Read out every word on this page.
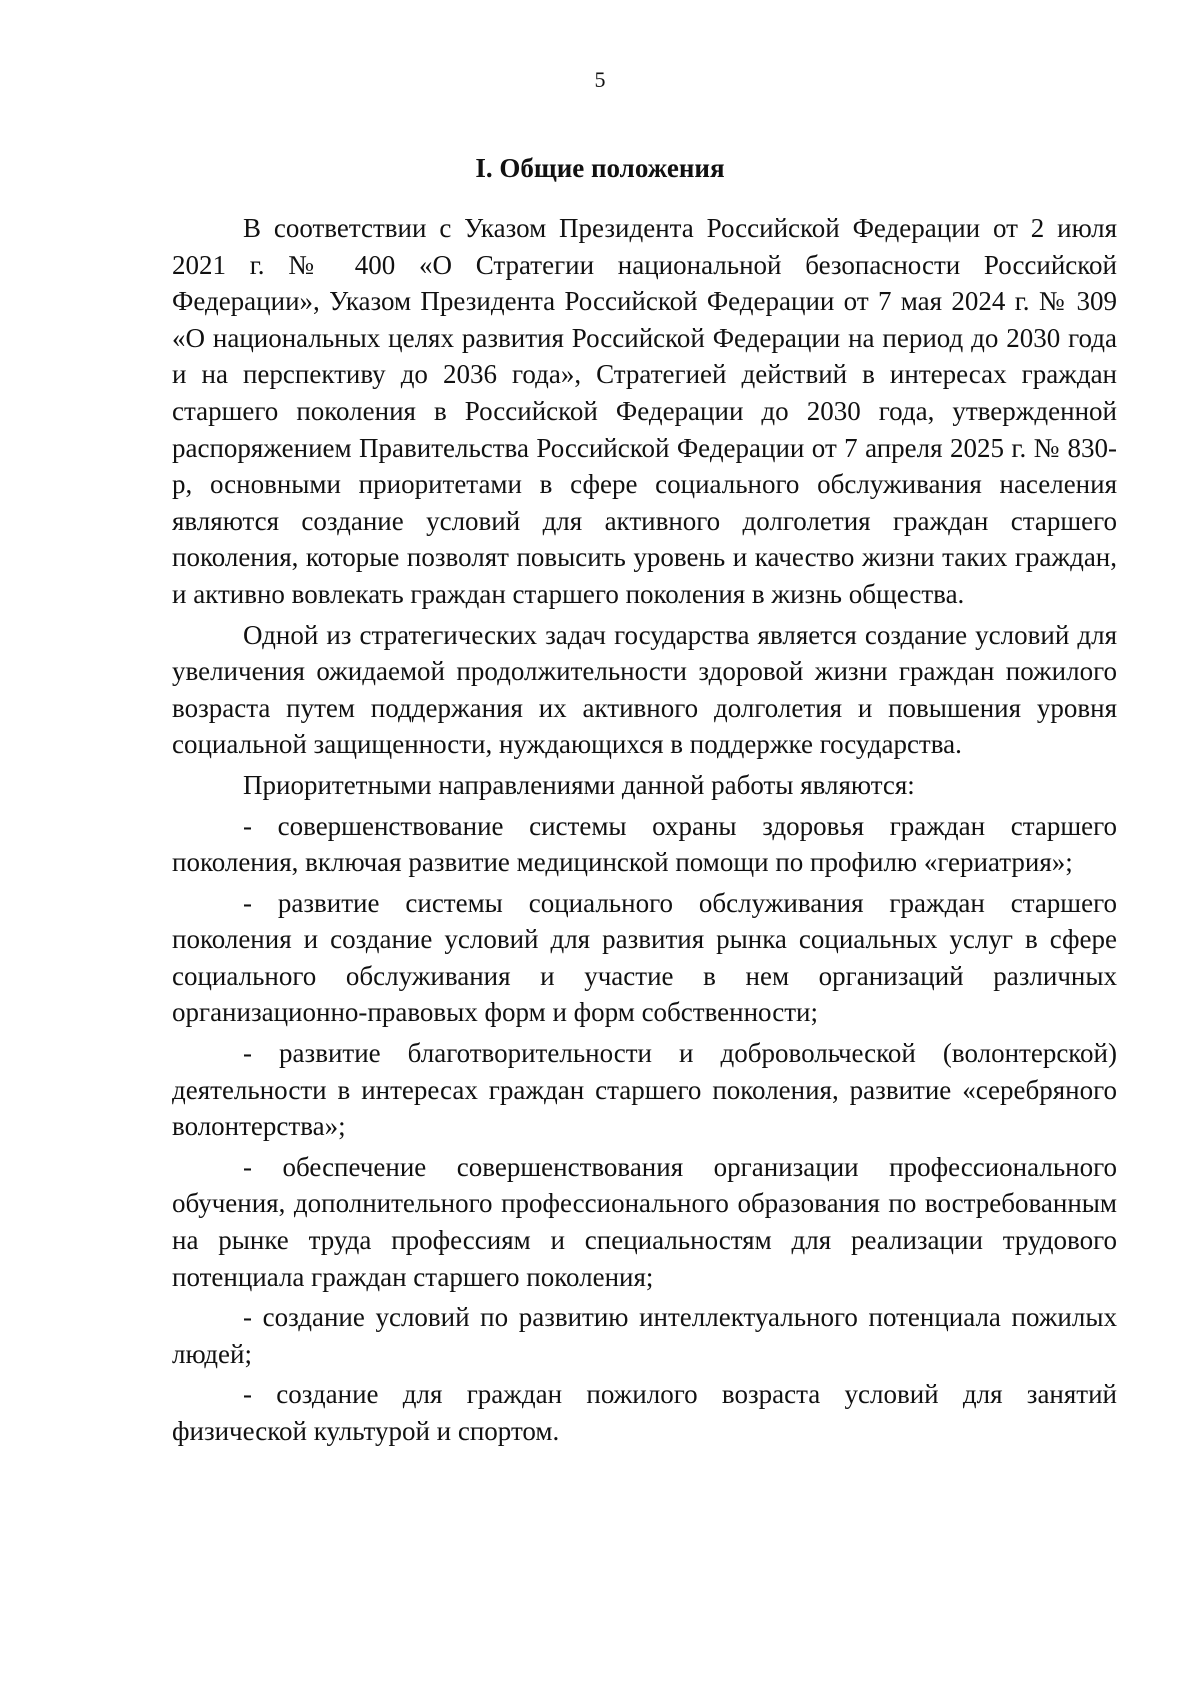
5
I. Общие положения

В соответствии с Указом Президента Российской Федерации от 2 июля 2021 г. № 400 «О Стратегии национальной безопасности Российской Федерации», Указом Президента Российской Федерации от 7 мая 2024 г. № 309 «О национальных целях развития Российской Федерации на период до 2030 года и на перспективу до 2036 года», Стратегией действий в интересах граждан старшего поколения в Российской Федерации до 2030 года, утвержденной распоряжением Правительства Российской Федерации от 7 апреля 2025 г. № 830-р, основными приоритетами в сфере социального обслуживания населения являются создание условий для активного долголетия граждан старшего поколения, которые позволят повысить уровень и качество жизни таких граждан, и активно вовлекать граждан старшего поколения в жизнь общества.

Одной из стратегических задач государства является создание условий для увеличения ожидаемой продолжительности здоровой жизни граждан пожилого возраста путем поддержания их активного долголетия и повышения уровня социальной защищенности, нуждающихся в поддержке государства.

Приоритетными направлениями данной работы являются:

- совершенствование системы охраны здоровья граждан старшего поколения, включая развитие медицинской помощи по профилю «гериатрия»;

- развитие системы социального обслуживания граждан старшего поколения и создание условий для развития рынка социальных услуг в сфере социального обслуживания и участие в нем организаций различных организационно-правовых форм и форм собственности;

- развитие благотворительности и добровольческой (волонтерской) деятельности в интересах граждан старшего поколения, развитие «серебряного волонтерства»;

- обеспечение совершенствования организации профессионального обучения, дополнительного профессионального образования по востребованным на рынке труда профессиям и специальностям для реализации трудового потенциала граждан старшего поколения;

- создание условий по развитию интеллектуального потенциала пожилых людей;

- создание для граждан пожилого возраста условий для занятий физической культурой и спортом.
